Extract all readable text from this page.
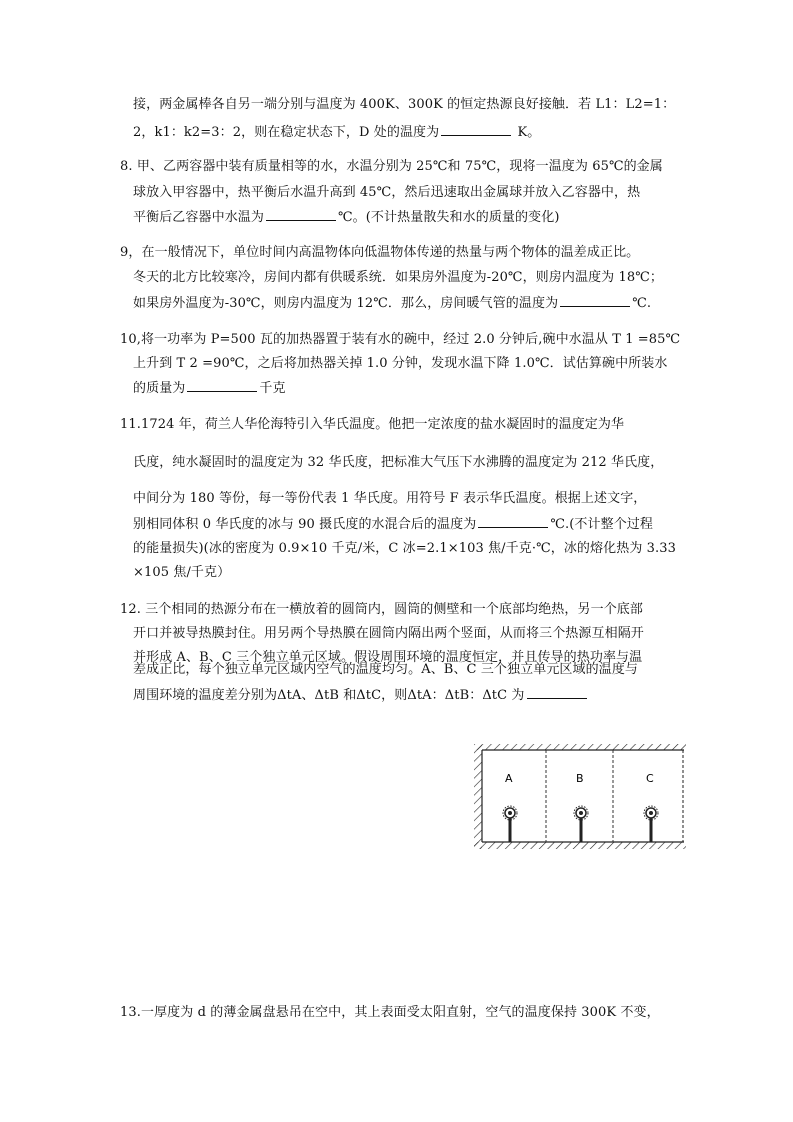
接，两金属棒各自另一端分别与温度为 400K、300K 的恒定热源良好接触．若 L1：L2=1：
2，k1：k2=3：2，则在稳定状态下，D 处的温度为	K。
8. 甲、乙两容器中装有质量相等的水，水温分别为 25℃和 75℃，现将一温度为 65℃的金属
球放入甲容器中，热平衡后水温升高到 45℃，然后迅速取出金属球并放入乙容器中，热
平衡后乙容器中水温为	℃。(不计热量散失和水的质量的变化)
9，在一般情况下，单位时间内高温物体向低温物体传递的热量与两个物体的温差成正比。
冬天的北方比较寒冷，房间内都有供暖系统．如果房外温度为-20℃，则房内温度为 18℃；
如果房外温度为-30℃，则房内温度为 12℃．那么，房间暖气管的温度为	℃.
10,将一功率为 P=500 瓦的加热器置于装有水的碗中，经过 2.0 分钟后,碗中水温从 T 1 =85℃
上升到 T 2 =90℃，之后将加热器关掉 1.0 分钟，发现水温下降 1.0℃．试估算碗中所装水
的质量为	千克
11.1724 年，荷兰人华伦海特引入华氏温度。他把一定浓度的盐水凝固时的温度定为华
氏度，纯水凝固时的温度定为 32 华氏度，把标准大气压下水沸腾的温度定为 212 华氏度，
中间分为 180 等份，每一等份代表 1 华氏度。用符号 F 表示华氏温度。根据上述文字，
别相同体积 0 华氏度的冰与 90 摄氏度的水混合后的温度为	℃.(不计整个过程
的能量损失)(冰的密度为 0.9×10 千克/米，C 冰=2.1×103 焦/千克·℃，冰的熔化热为 3.33
×105 焦/千克）
12. 三个相同的热源分布在一横放着的圆筒内，圆筒的侧壁和一个底部均绝热，另一个底部
开口并被导热膜封住。用另两个导热膜在圆筒内隔出两个竖面，从而将三个热源互相隔开
并形成 A、B、C 三个独立单元区域。假设周围环境的温度恒定，并且传导的热功率与温
差成正比，每个独立单元区域内空气的温度均匀。A、B、C 三个独立单元区域的温度与
周围环境的温度差分别为ΔtA、ΔtB 和ΔtC，则ΔtA：ΔtB：ΔtC 为
A	B	C
13.一厚度为 d 的薄金属盘悬吊在空中，其上表面受太阳直射，空气的温度保持 300K 不变，
